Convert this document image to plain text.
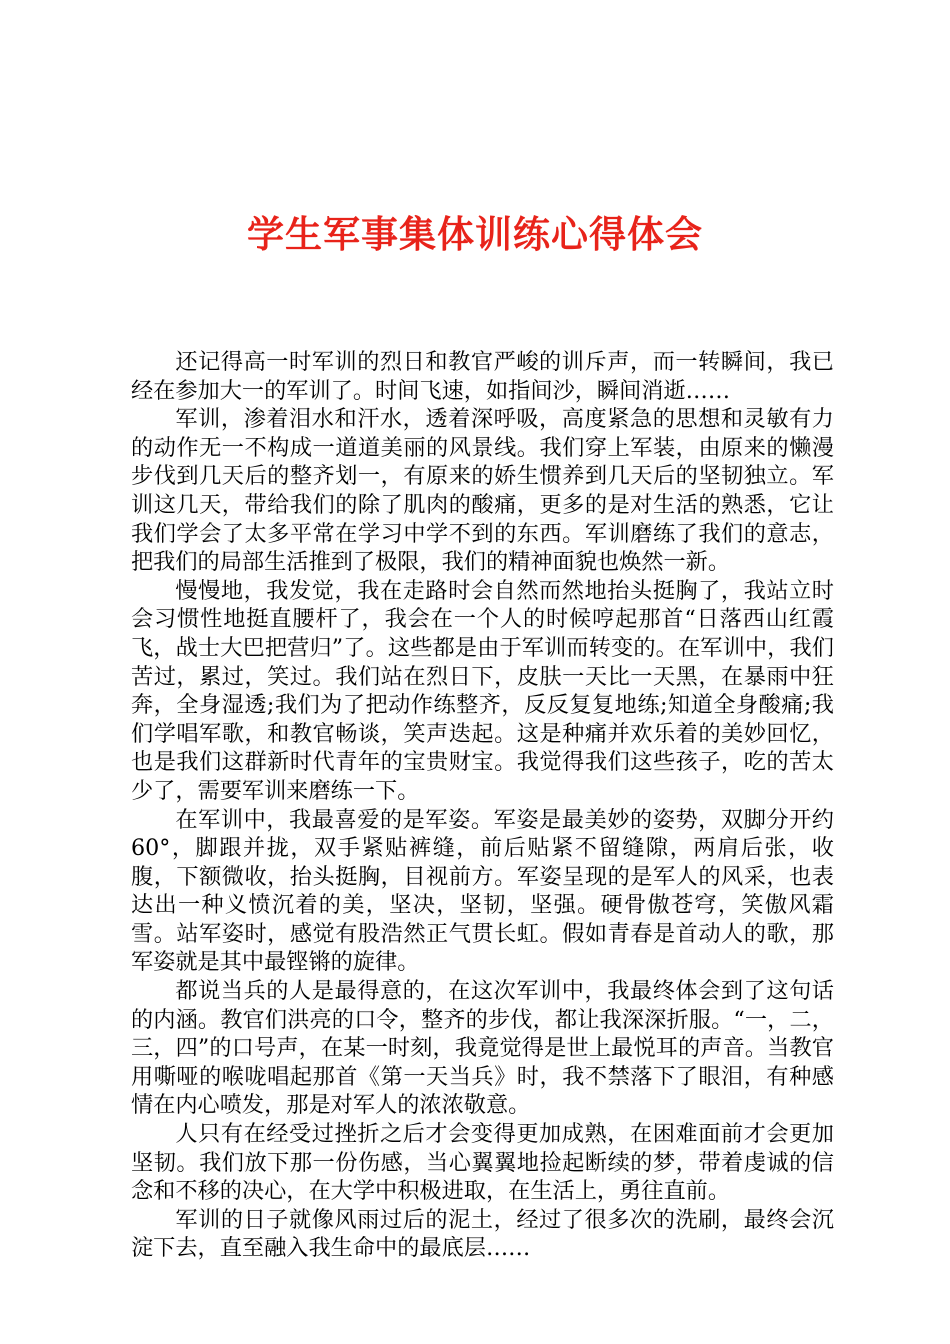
学生军事集体训练心得体会

还记得高一时军训的烈日和教官严峻的训斥声，而一转瞬间，我已经在参加大一的军训了。时间飞速，如指间沙，瞬间消逝……

军训，渗着泪水和汗水，透着深呼吸，高度紧急的思想和灵敏有力的动作无一不构成一道道美丽的风景线。我们穿上军装，由原来的懒漫步伐到几天后的整齐划一，有原来的娇生惯养到几天后的坚韧独立。军训这几天，带给我们的除了肌肉的酸痛，更多的是对生活的熟悉，它让我们学会了太多平常在学习中学不到的东西。军训磨练了我们的意志，把我们的局部生活推到了极限，我们的精神面貌也焕然一新。

慢慢地，我发觉，我在走路时会自然而然地抬头挺胸了，我站立时会习惯性地挺直腰杆了，我会在一个人的时候哼起那首“日落西山红霞飞，战士大巴把营归”了。这些都是由于军训而转变的。在军训中，我们苦过，累过，笑过。我们站在烈日下，皮肤一天比一天黑，在暴雨中狂奔，全身湿透;我们为了把动作练整齐，反反复复地练;知道全身酸痛;我们学唱军歌，和教官畅谈，笑声迭起。这是种痛并欢乐着的美妙回忆，也是我们这群新时代青年的宝贵财宝。我觉得我们这些孩子，吃的苦太少了，需要军训来磨练一下。

在军训中，我最喜爱的是军姿。军姿是最美妙的姿势，双脚分开约60°，脚跟并拢，双手紧贴裤缝，前后贴紧不留缝隙，两肩后张，收腹，下额微收，抬头挺胸，目视前方。军姿呈现的是军人的风采，也表达出一种义愤沉着的美，坚决，坚韧，坚强。硬骨傲苍穹，笑傲风霜雪。站军姿时，感觉有股浩然正气贯长虹。假如青春是首动人的歌，那军姿就是其中最铿锵的旋律。

都说当兵的人是最得意的，在这次军训中，我最终体会到了这句话的内涵。教官们洪亮的口令，整齐的步伐，都让我深深折服。“一，二，三，四”的口号声，在某一时刻，我竟觉得是世上最悦耳的声音。当教官用嘶哑的喉咙唱起那首《第一天当兵》时，我不禁落下了眼泪，有种感情在内心喷发，那是对军人的浓浓敬意。

人只有在经受过挫折之后才会变得更加成熟，在困难面前才会更加坚韧。我们放下那一份伤感，当心翼翼地捡起断续的梦，带着虔诚的信念和不移的决心，在大学中积极进取，在生活上，勇往直前。

军训的日子就像风雨过后的泥土，经过了很多次的洗刷，最终会沉淀下去，直至融入我生命中的最底层……
